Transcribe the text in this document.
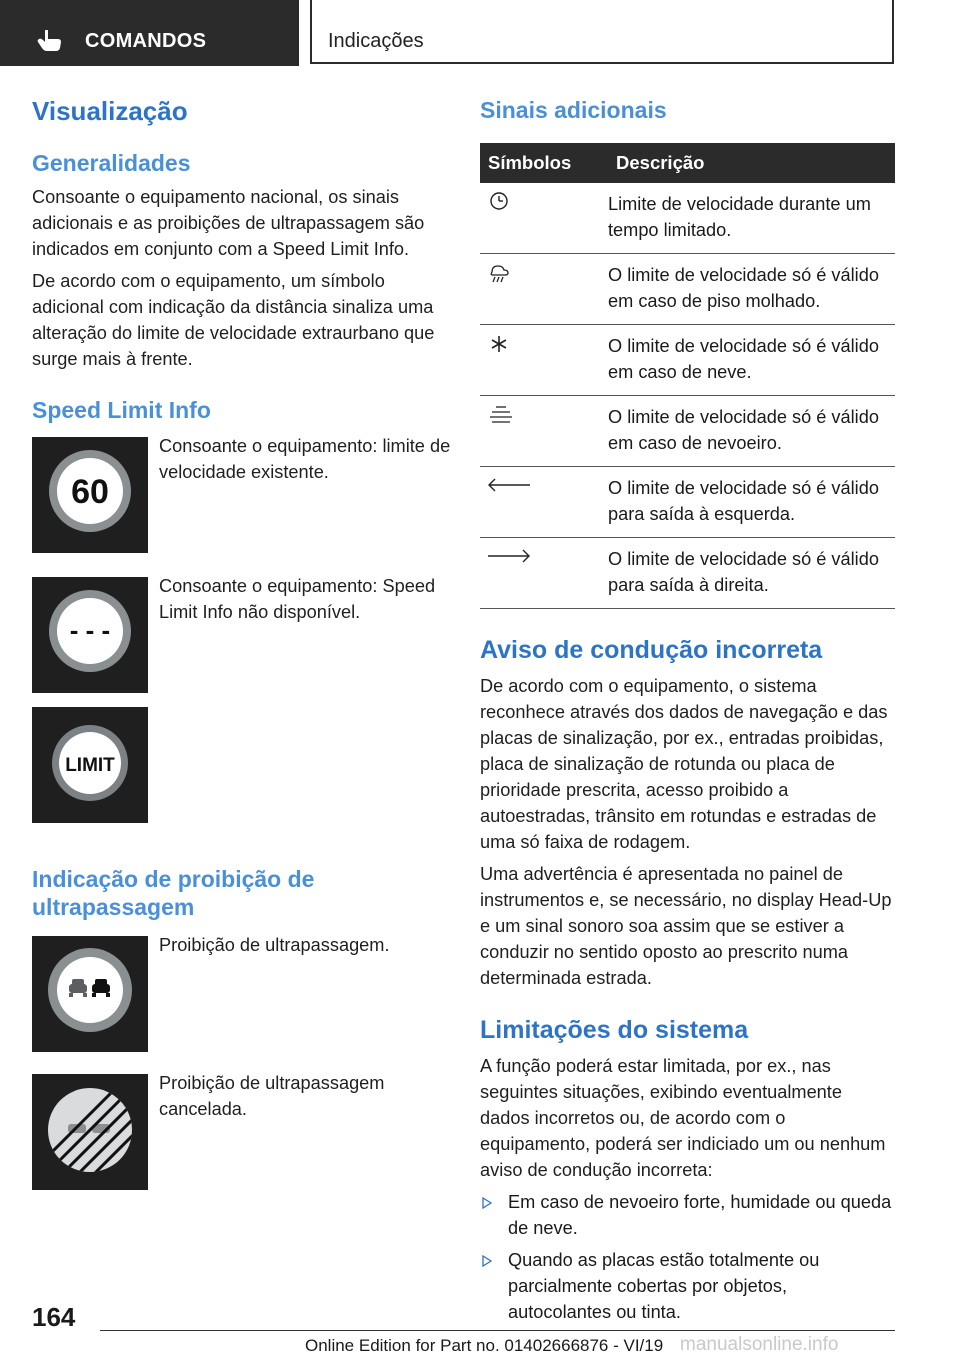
COMANDOS	Indicações
Visualização
Generalidades

Consoante o equipamento nacional, os sinais adicionais e as proibições de ultrapassagem são indicados em conjunto com a Speed Limit Info.

De acordo com o equipamento, um símbolo adicional com indicação da distância sinaliza uma alteração do limite de velocidade extraurbano que surge mais à frente.

Speed Limit Info
60

Consoante o equipamento: limite de velocidade existente.

- - -

Consoante o equipamento: Speed Limit Info não disponível.

LIMIT
Indicação de proibição de ultrapassagem

Proibição de ultrapassagem.

Proibição de ultrapassagem cancelada.

Sinais adicionais
Símbolos	Descrição
	Limite de velocidade durante um tempo limitado.
	O limite de velocidade só é válido em caso de piso molhado.
	O limite de velocidade só é válido em caso de neve.
	O limite de velocidade só é válido em caso de nevoeiro.
	O limite de velocidade só é válido para saída à esquerda.
	O limite de velocidade só é válido para saída à direita.
Aviso de condução incorreta

De acordo com o equipamento, o sistema reconhece através dos dados de navegação e das placas de sinalização, por ex., entradas proibidas, placa de sinalização de rotunda ou placa de prioridade prescrita, acesso proibido a autoestradas, trânsito em rotundas e estradas de uma só faixa de rodagem.

Uma advertência é apresentada no painel de instrumentos e, se necessário, no display Head-Up e um sinal sonoro soa assim que se estiver a conduzir no sentido oposto ao prescrito numa determinada estrada.

Limitações do sistema

A função poderá estar limitada, por ex., nas seguintes situações, exibindo eventualmente dados incorretos ou, de acordo com o equipamento, poderá ser indiciado um ou nenhum aviso de condução incorreta:

Em caso de nevoeiro forte, humidade ou queda de neve.
Quando as placas estão totalmente ou parcialmente cobertas por objetos, autocolantes ou tinta.
164
Online Edition for Part no. 01402666876 - VI/19 manualsonline.info
